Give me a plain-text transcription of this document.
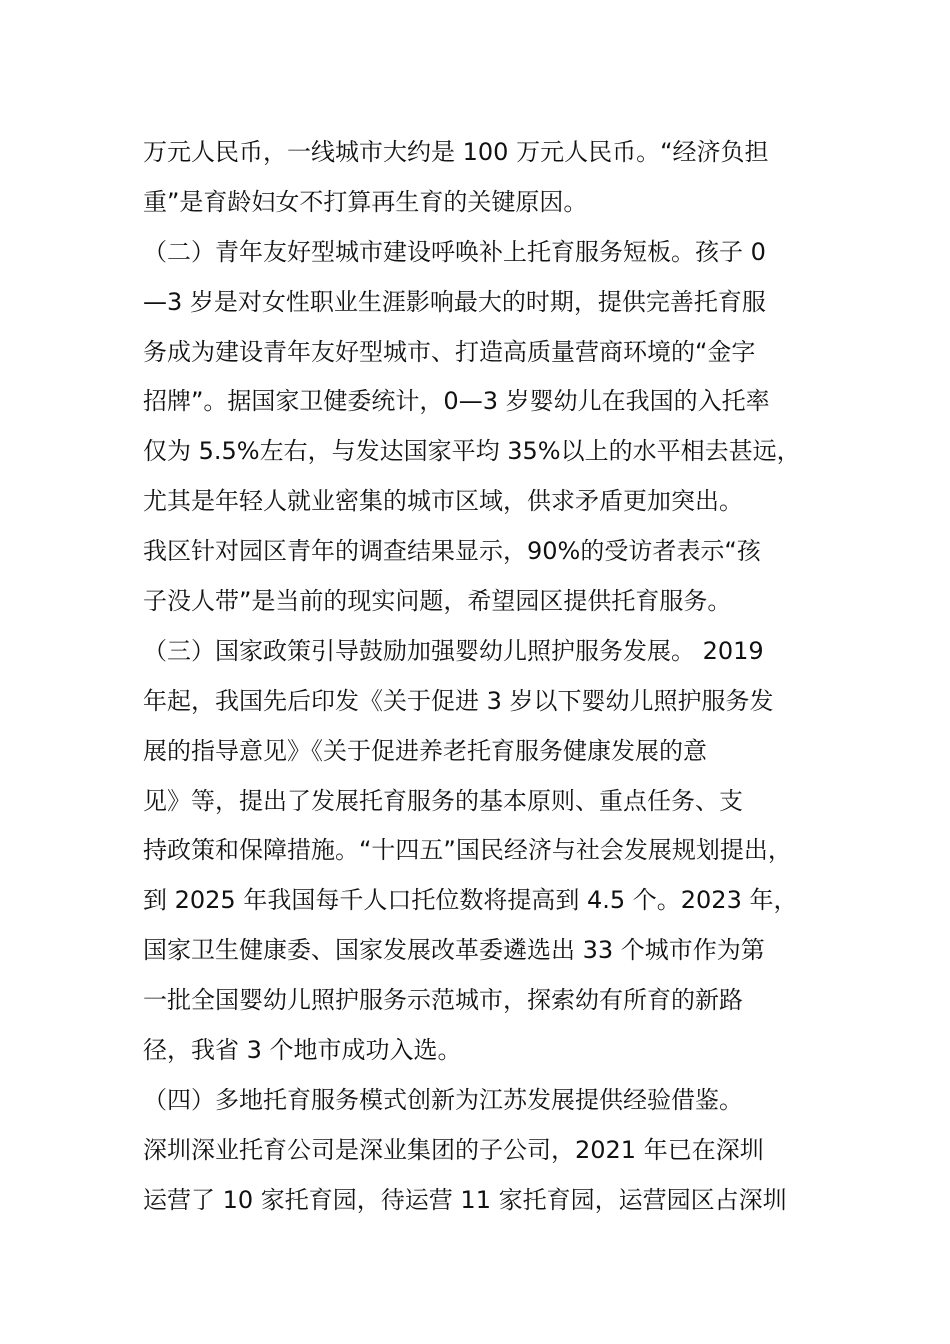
万元人民币，一线城市大约是 100 万元人民币。“经济负担
重”是育龄妇女不打算再生育的关键原因。
（二）青年友好型城市建设呼唤补上托育服务短板。孩子 0
—3 岁是对女性职业生涯影响最大的时期，提供完善托育服
务成为建设青年友好型城市、打造高质量营商环境的“金字
招牌”。据国家卫健委统计，0—3 岁婴幼儿在我国的入托率
仅为 5.5%左右，与发达国家平均 35%以上的水平相去甚远，
尤其是年轻人就业密集的城市区域，供求矛盾更加突出。
我区针对园区青年的调查结果显示，90%的受访者表示“孩
子没人带”是当前的现实问题，希望园区提供托育服务。
（三）国家政策引导鼓励加强婴幼儿照护服务发展。 2019
年起，我国先后印发《关于促进 3 岁以下婴幼儿照护服务发
展的指导意见》《关于促进养老托育服务健康发展的意
见》等，提出了发展托育服务的基本原则、重点任务、支
持政策和保障措施。“十四五”国民经济与社会发展规划提出，
到 2025 年我国每千人口托位数将提高到 4.5 个。2023 年，
国家卫生健康委、国家发展改革委遴选出 33 个城市作为第
一批全国婴幼儿照护服务示范城市，探索幼有所育的新路
径，我省 3 个地市成功入选。
（四）多地托育服务模式创新为江苏发展提供经验借鉴。
深圳深业托育公司是深业集团的子公司，2021 年已在深圳
运营了 10 家托育园，待运营 11 家托育园，运营园区占深圳
